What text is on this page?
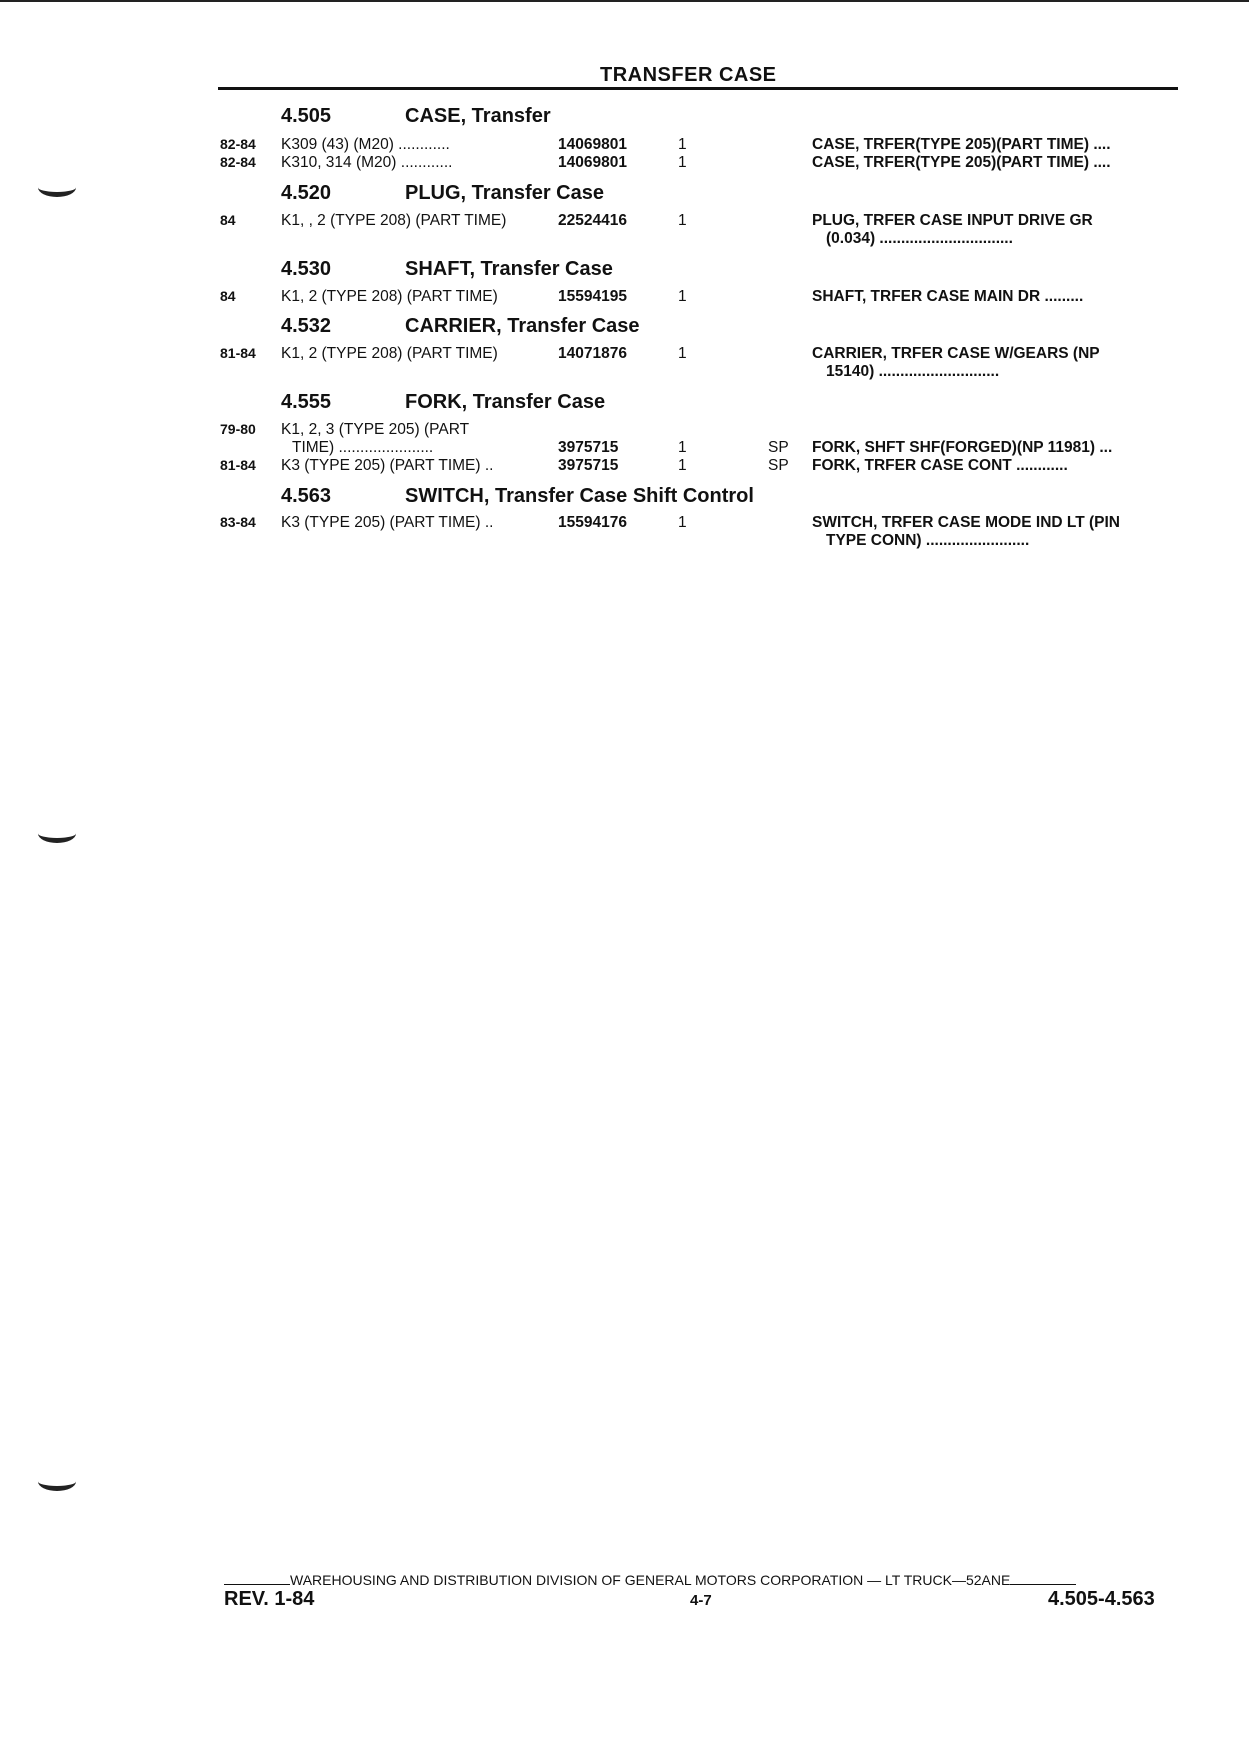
TRANSFER CASE
4.505	CASE, Transfer
82-84 K309 (43) (M20) ............	14069801	1	CASE, TRFER(TYPE 205)(PART TIME) ....
82-84 K310, 314 (M20) ............	14069801	1	CASE, TRFER(TYPE 205)(PART TIME) ....
4.520	PLUG, Transfer Case
84	K1, , 2 (TYPE 208) (PART TIME)	22524416	1	PLUG, TRFER CASE INPUT DRIVE GR
(0.034) ...............................
4.530	SHAFT, Transfer Case
84	K1, 2 (TYPE 208) (PART TIME)	15594195	1	SHAFT, TRFER CASE MAIN DR .........
4.532	CARRIER, Transfer Case
81-84 K1, 2 (TYPE 208) (PART TIME)	14071876	1	CARRIER, TRFER CASE W/GEARS (NP
15140) ............................
4.555	FORK, Transfer Case
79-80 K1, 2, 3 (TYPE 205) (PART
TIME) ......................	3975715	1	SP FORK, SHFT SHF(FORGED)(NP 11981) ...
81-84 K3 (TYPE 205) (PART TIME) ..	3975715	1	SP FORK, TRFER CASE CONT ............
4.563	SWITCH, Transfer Case Shift Control
83-84 K3 (TYPE 205) (PART TIME) ..	15594176	1	SWITCH, TRFER CASE MODE IND LT (PIN
TYPE CONN) ........................
WAREHOUSING AND DISTRIBUTION DIVISION OF GENERAL MOTORS CORPORATION — LT TRUCK—52ANE
REV. 1-84	4-7	4.505-4.563
